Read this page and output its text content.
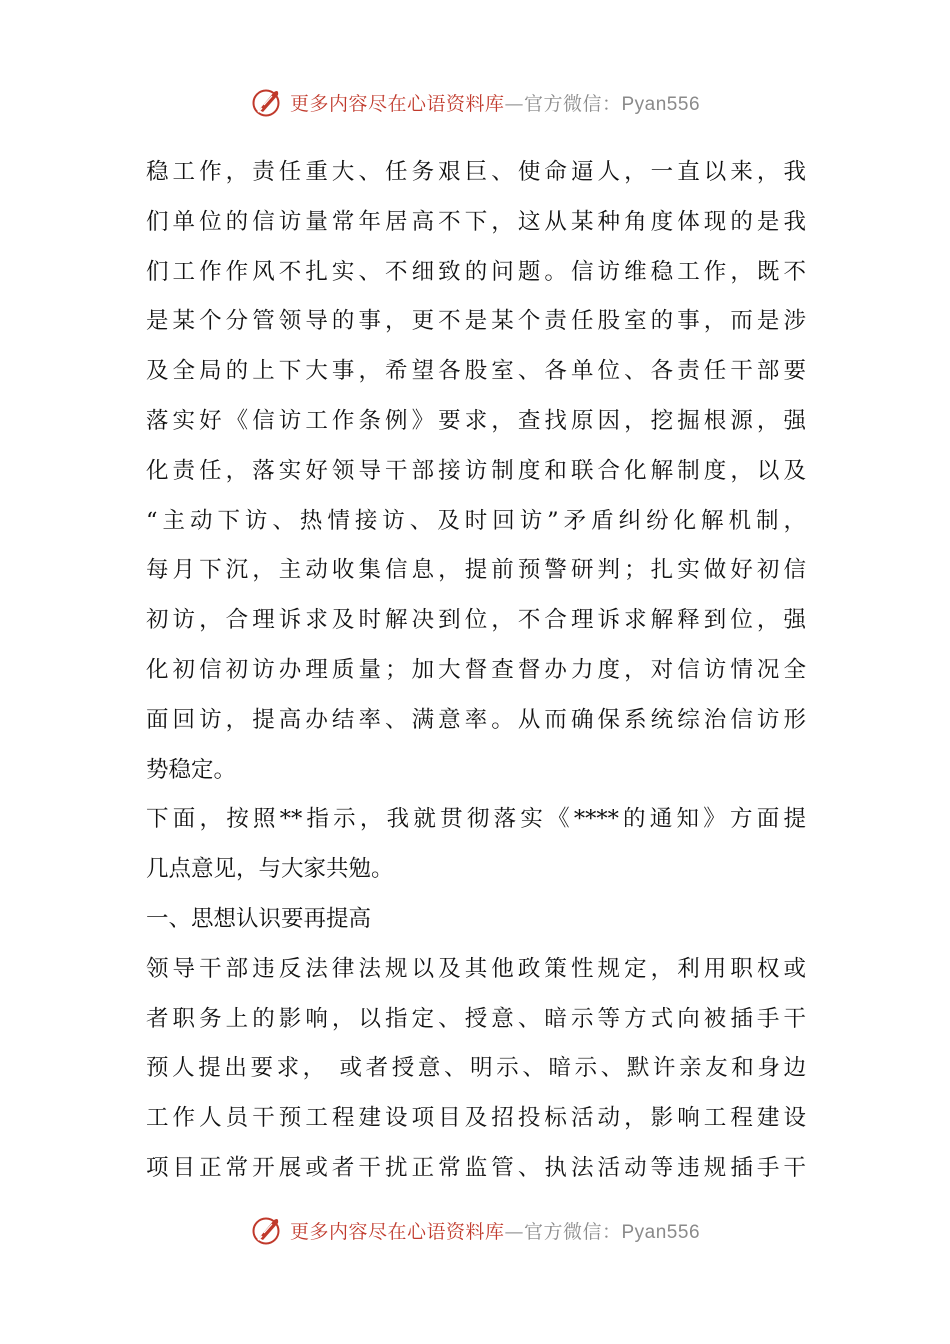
更多内容尽在心语资料库—官方微信：Pyan556
稳工作，责任重大、任务艰巨、使命逼人，一直以来，我
们单位的信访量常年居高不下，这从某种角度体现的是我
们工作作风不扎实、不细致的问题。信访维稳工作，既不
是某个分管领导的事，更不是某个责任股室的事，而是涉
及全局的上下大事，希望各股室、各单位、各责任干部要
落实好《信访工作条例》要求，查找原因，挖掘根源，强
化责任，落实好领导干部接访制度和联合化解制度，以及
“主动下访、热情接访、及时回访”矛盾纠纷化解机制，
每月下沉，主动收集信息，提前预警研判；扎实做好初信
初访，合理诉求及时解决到位，不合理诉求解释到位，强
化初信初访办理质量；加大督查督办力度，对信访情况全
面回访，提高办结率、满意率。从而确保系统综治信访形
势稳定。
下面，按照**指示，我就贯彻落实《****的通知》方面提
几点意见，与大家共勉。
一、思想认识要再提高
领导干部违反法律法规以及其他政策性规定，利用职权或
者职务上的影响，以指定、授意、暗示等方式向被插手干
预人提出要求， 或者授意、明示、暗示、默许亲友和身边
工作人员干预工程建设项目及招投标活动，影响工程建设
项目正常开展或者干扰正常监管、执法活动等违规插手干
更多内容尽在心语资料库—官方微信：Pyan556
